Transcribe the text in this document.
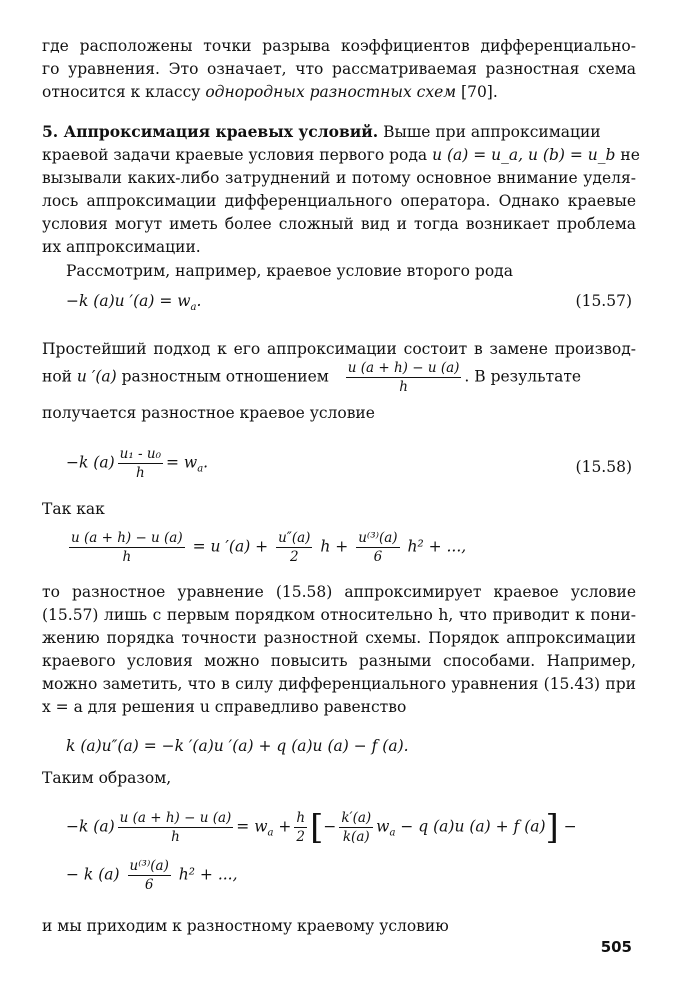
где расположены точки разрыва коэффициентов дифференциально-
го уравнения. Это означает, что рассматриваемая разностная схема
относится к классу однородных разностных схем [70].
5. Аппроксимация краевых условий. Выше при аппроксимации
краевой задачи краевые условия первого рода u (a) = u_a, u (b) = u_b не
вызывали каких-либо затруднений и потому основное внимание уделя-
лось аппроксимации дифференциального оператора. Однако краевые
условия могут иметь более сложный вид и тогда возникает проблема
их аппроксимации.
Рассмотрим, например, краевое условие второго рода
−k (a)u $'(a) = w_a$.	(15.57)
Простейший подход к его аппроксимации состоит в замене производ-
ной u ′(a) разностным отношением $\frac{u (a + h) - u (a)}{h}$ . В результате
получается разностное краевое условие
−k $(a) \frac{\text{u₁ - u₀}}{h} = w_a$.	(15.58)
Так как
$\frac{u (a + h) - u (a)}{h} = u$ $'(a) + \frac{u''(a)}{2}$ $h + \frac{\text{u⁽³⁾(a)}}{6} h^2$ + ...,
то разностное уравнение (15.58) аппроксимирует краевое условие
(15.57) лишь с первым порядком относительно h, что приводит к пони-
жению порядка точности разностной схемы. Порядок аппроксимации
краевого условия можно повысить разными способами. Например,
можно заметить, что в силу дифференциального уравнения (15.43) при
x = a для решения u справедливо равенство
k (a)u″(a) = −k ′(a)u ′(a) + q (a)u (a) − f (a).
Таким образом,
−k $(a) \frac{u (a + h) - u (a)}{h} = w_a + \frac{h}{2}$ [− $\frac{k'(a)}{k(a)} w_a - q$ (a)u (a) + f (a)] −
− k $(a) \frac{\text{u⁽³⁾(a)}}{6} h^2$ + ...,
и мы приходим к разностному краевому условию
505
